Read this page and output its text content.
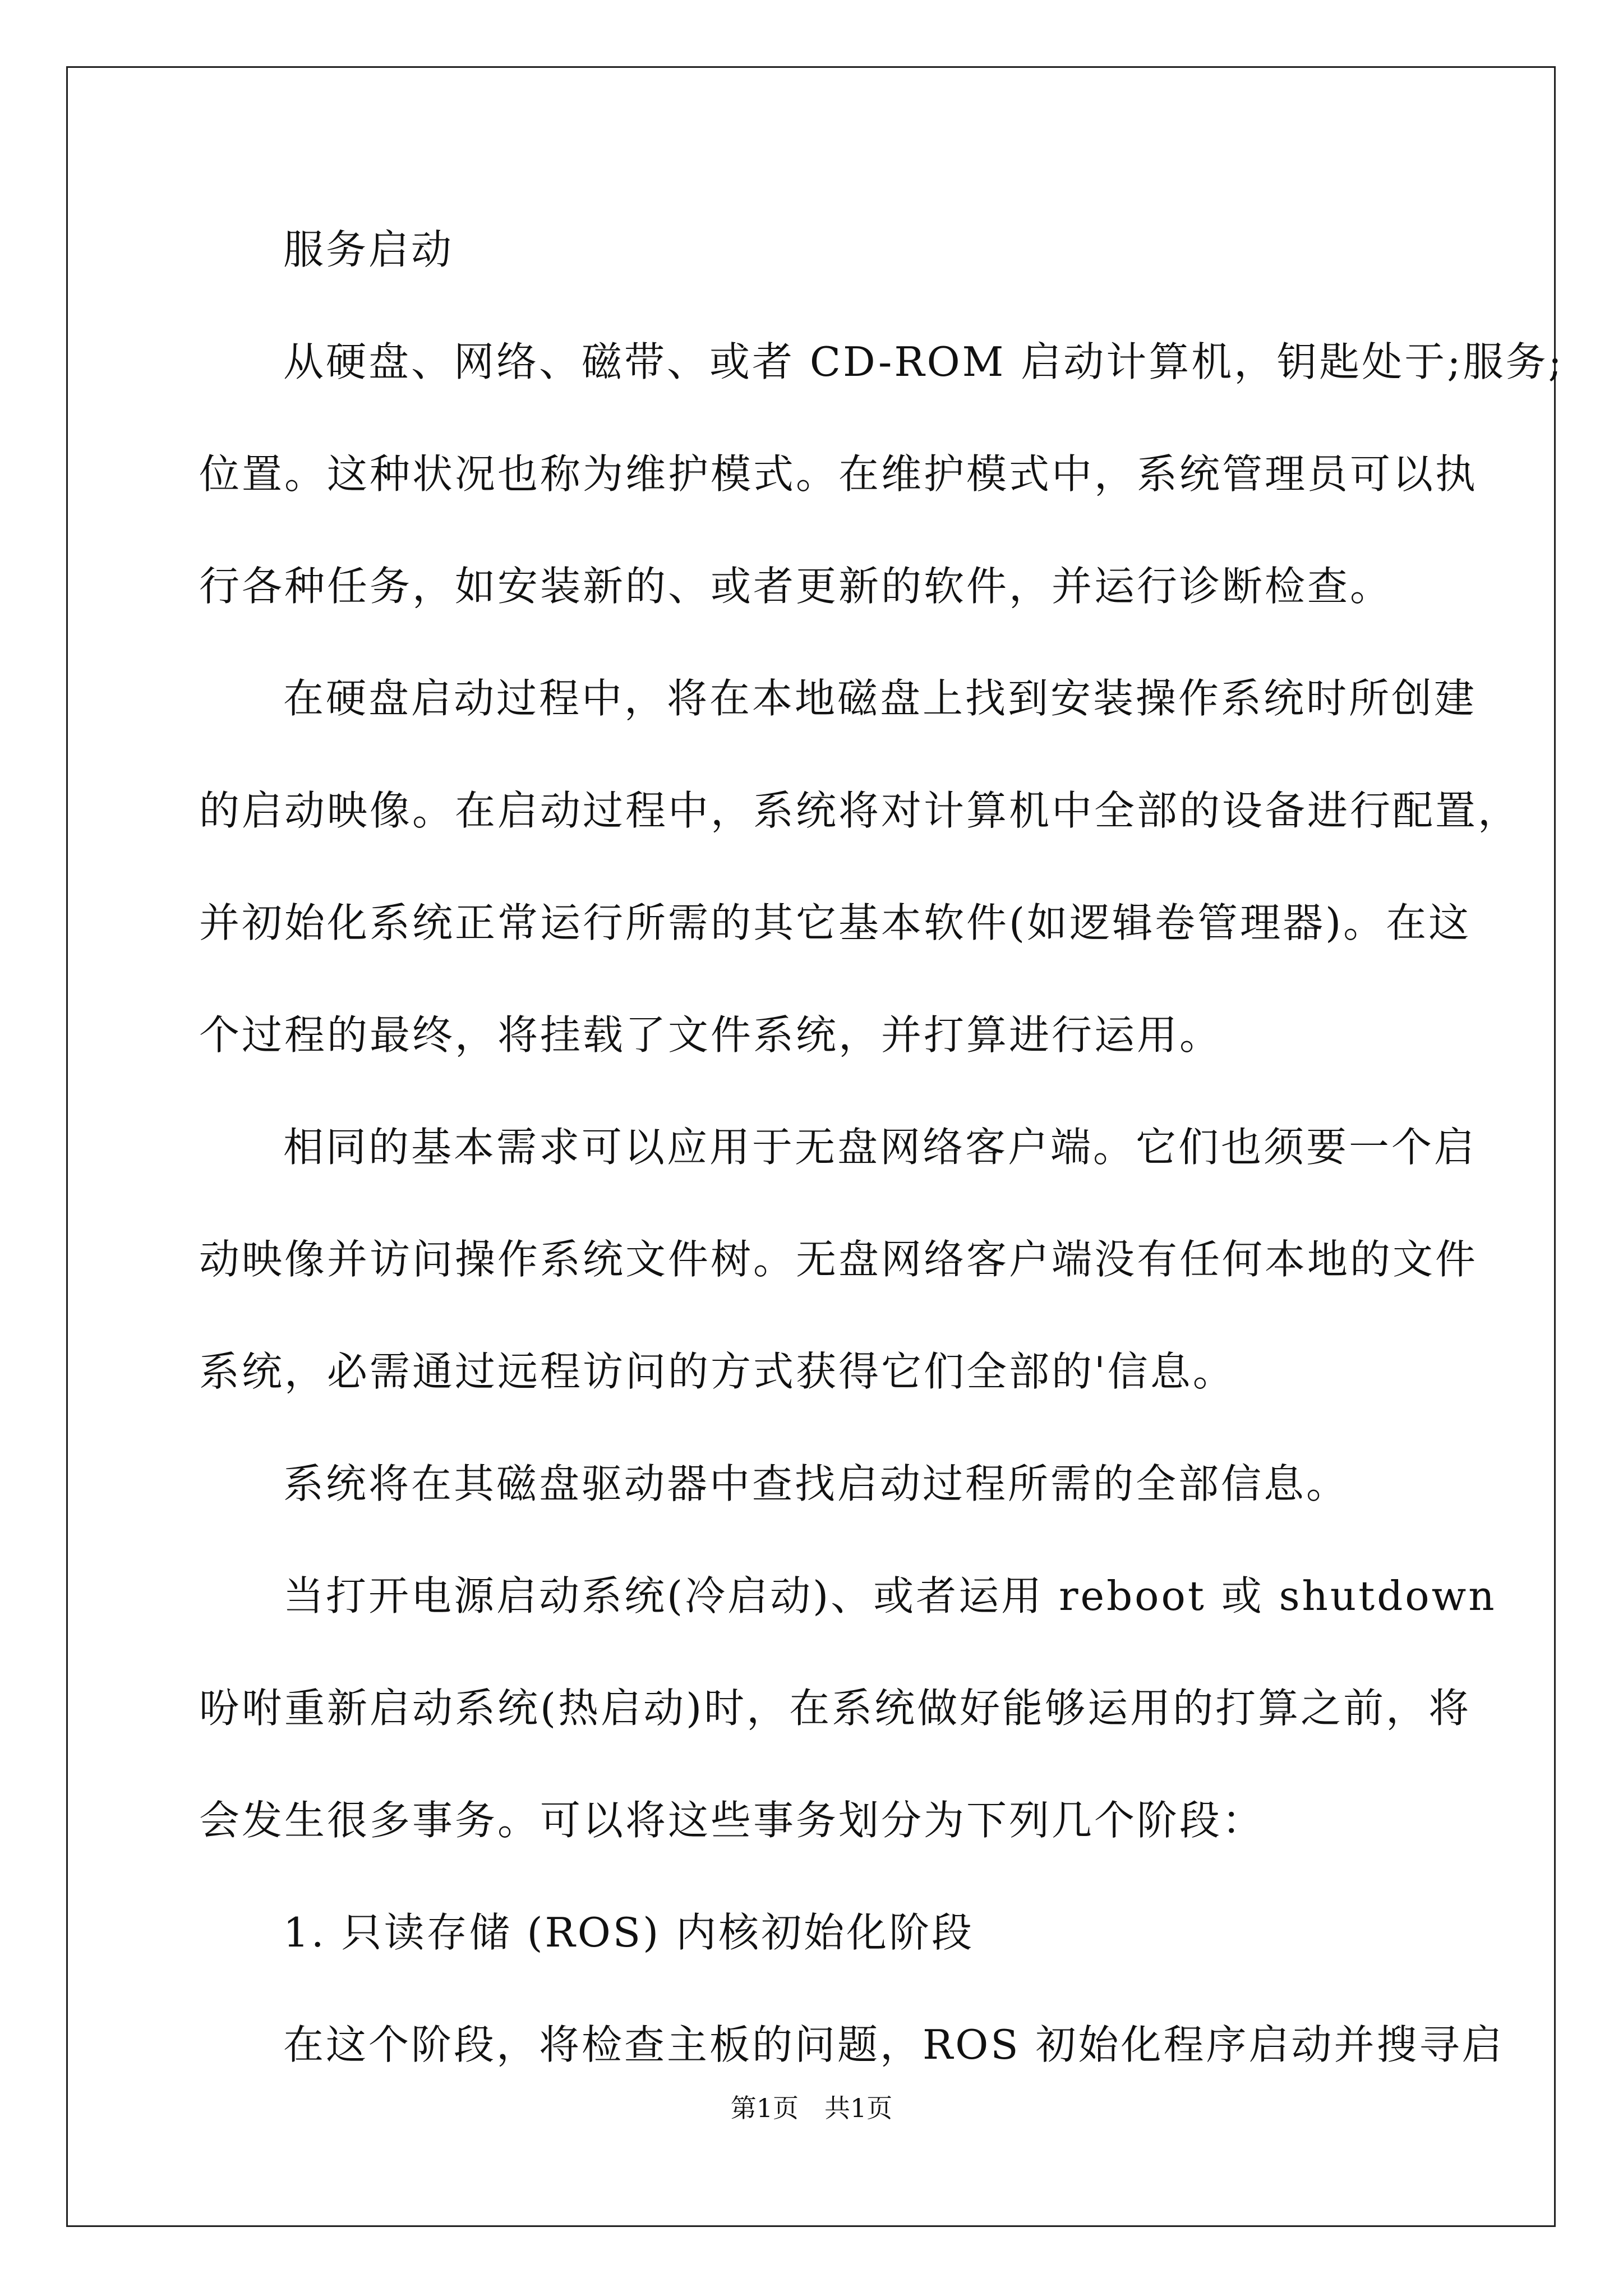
服务启动
从硬盘、网络、磁带、或者 CD-ROM 启动计算机，钥匙处于;服务;
位置。这种状况也称为维护模式。在维护模式中，系统管理员可以执
行各种任务，如安装新的、或者更新的软件，并运行诊断检查。
在硬盘启动过程中，将在本地磁盘上找到安装操作系统时所创建
的启动映像。在启动过程中，系统将对计算机中全部的设备进行配置，
并初始化系统正常运行所需的其它基本软件(如逻辑卷管理器)。在这
个过程的最终，将挂载了文件系统，并打算进行运用。
相同的基本需求可以应用于无盘网络客户端。它们也须要一个启
动映像并访问操作系统文件树。无盘网络客户端没有任何本地的文件
系统，必需通过远程访问的方式获得它们全部的'信息。
系统将在其磁盘驱动器中查找启动过程所需的全部信息。
当打开电源启动系统(冷启动)、或者运用 reboot 或 shutdown
吩咐重新启动系统(热启动)时，在系统做好能够运用的打算之前，将
会发生很多事务。可以将这些事务划分为下列几个阶段：
1. 只读存储 (ROS) 内核初始化阶段
在这个阶段，将检查主板的问题，ROS 初始化程序启动并搜寻启
第1页　共1页
